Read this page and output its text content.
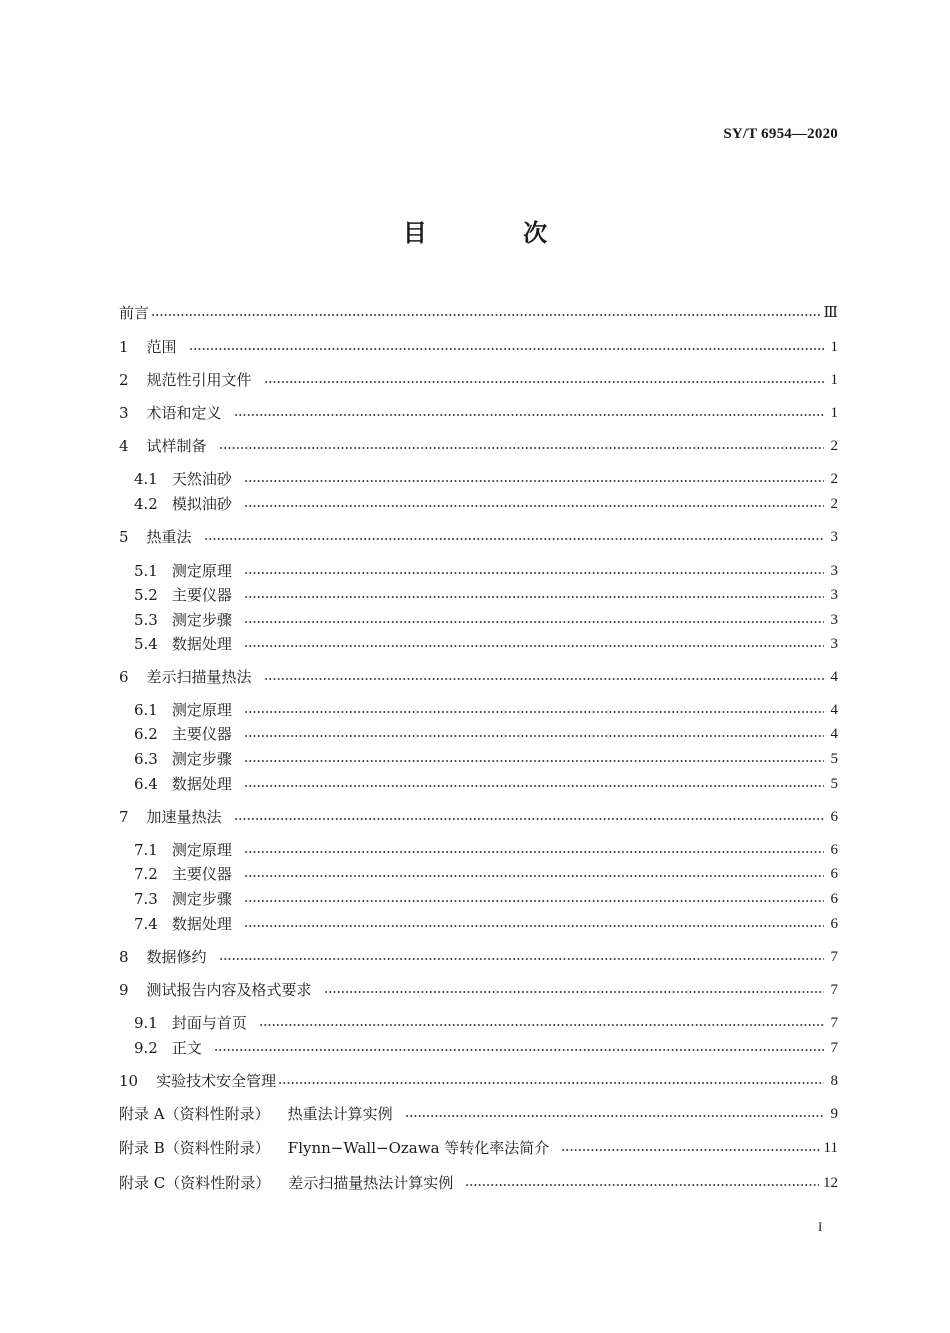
SY/T 6954—2020
目 次
前言	Ⅲ
1 范围	1
2 规范性引用文件	1
3 术语和定义	1
4 试样制备	2
4.1 天然油砂	2
4.2 模拟油砂	2
5 热重法	3
5.1 测定原理	3
5.2 主要仪器	3
5.3 测定步骤	3
5.4 数据处理	3
6 差示扫描量热法	4
6.1 测定原理	4
6.2 主要仪器	4
6.3 测定步骤	5
6.4 数据处理	5
7 加速量热法	6
7.1 测定原理	6
7.2 主要仪器	6
7.3 测定步骤	6
7.4 数据处理	6
8 数据修约	7
9 测试报告内容及格式要求	7
9.1 封面与首页	7
9.2 正文	7
10 实验技术安全管理	8
附录 A（资料性附录） 热重法计算实例	9
附录 B（资料性附录） Flynn−Wall−Ozawa 等转化率法简介	11
附录 C（资料性附录） 差示扫描量热法计算实例	12
I
